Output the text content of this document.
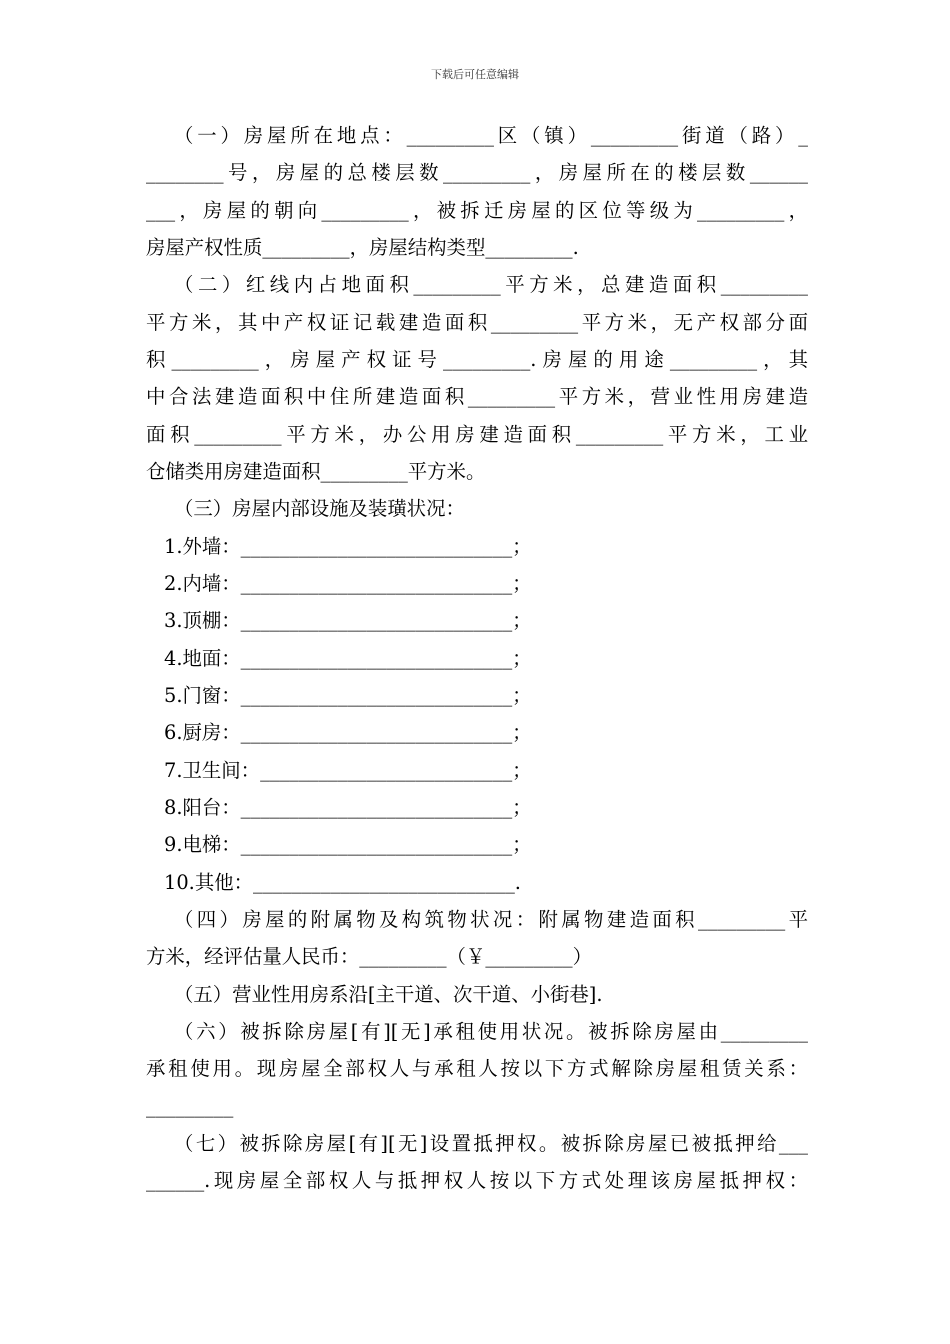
下载后可任意编辑
（一）房屋所在地点：_________区（镇）_________街道（路）_
________号，房屋的总楼层数_________，房屋所在的楼层数______
___，房屋的朝向_________，被拆迁房屋的区位等级为_________，
房屋产权性质_________，房屋结构类型_________.
（二）红线内占地面积_________平方米，总建造面积_________
平方米，其中产权证记载建造面积_________平方米，无产权部分面
积_________，房屋产权证号_________.房屋的用途_________，其
中合法建造面积中住所建造面积_________平方米，营业性用房建造
面积_________平方米，办公用房建造面积_________平方米，工业
仓储类用房建造面积_________平方米。
（三）房屋内部设施及装璜状况：
1.外墙：____________________________；
2.内墙：____________________________；
3.顶棚：____________________________；
4.地面：____________________________；
5.门窗：____________________________；
6.厨房：____________________________；
7.卫生间：__________________________；
8.阳台：____________________________；
9.电梯：____________________________；
10.其他：___________________________.
（四）房屋的附属物及构筑物状况：附属物建造面积_________平
方米，经评估量人民币：_________（￥_________）
（五）营业性用房系沿[主干道、次干道、小街巷].
（六）被拆除房屋[有][无]承租使用状况。被拆除房屋由_________
承租使用。现房屋全部权人与承租人按以下方式解除房屋租赁关系：
_________
（七）被拆除房屋[有][无]设置抵押权。被拆除房屋已被抵押给___
______.现房屋全部权人与抵押权人按以下方式处理该房屋抵押权：
